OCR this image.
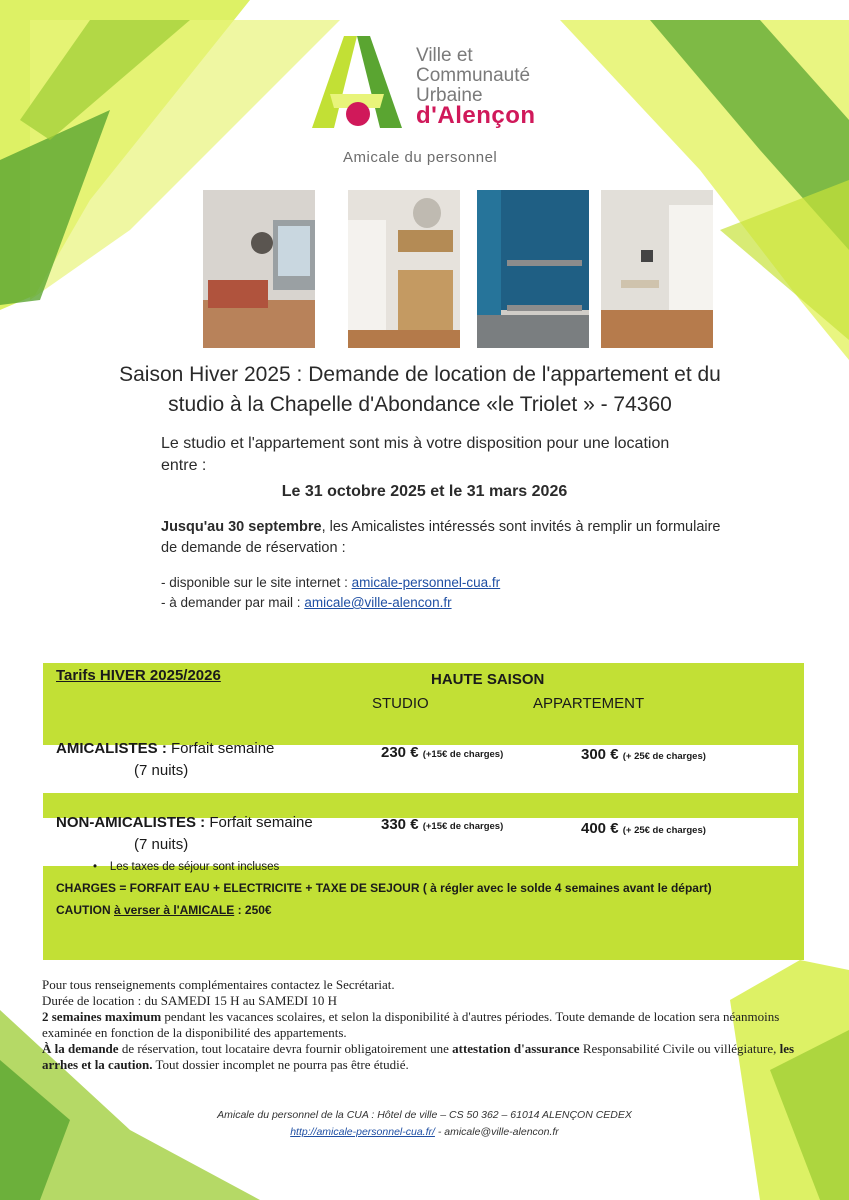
Ville et
Communauté
Urbaine
d'Alençon
Amicale du personnel
Saison Hiver 2025 : Demande de location de l'appartement et du
studio à la Chapelle d'Abondance «le Triolet » - 74360
Le studio et l'appartement sont mis à votre disposition pour une location entre :
Le 31 octobre 2025 et le 31 mars 2026
Jusqu'au 30 septembre, les Amicalistes intéressés sont invités à remplir un formulaire de demande de réservation :
- disponible sur le site internet : amicale-personnel-cua.fr
- à demander par mail : amicale@ville-alencon.fr
Tarifs HIVER 2025/2026	HAUTE SAISON
STUDIO	APPARTEMENT
AMICALISTES : Forfait semaine
(7 nuits)
230 € (+15€ de charges)	300 € (+ 25€ de charges)
NON-AMICALISTES : Forfait semaine
(7 nuits)
330 € (+15€ de charges)	400 € (+ 25€ de charges)
•    Les taxes de séjour sont incluses
CHARGES = FORFAIT EAU + ELECTRICITE + TAXE DE SEJOUR ( à régler avec le solde 4 semaines avant le départ)
CAUTION à verser à l'AMICALE : 250€

Pour tous renseignements complémentaires contactez le Secrétariat.

Durée de location : du SAMEDI 15 H au SAMEDI 10 H

2 semaines maximum pendant les vacances scolaires, et selon la disponibilité à d'autres périodes. Toute demande de location sera néanmoins examinée en fonction de la disponibilité des appartements.

À la demande de réservation, tout locataire devra fournir obligatoirement une attestation d'assurance Responsabilité Civile ou villégiature, les arrhes et la caution. Tout dossier incomplet ne pourra pas être étudié.

Amicale du personnel de la CUA : Hôtel de ville – CS 50 362 – 61014 ALENÇON CEDEX
http://amicale-personnel-cua.fr/ - amicale@ville-alencon.fr
